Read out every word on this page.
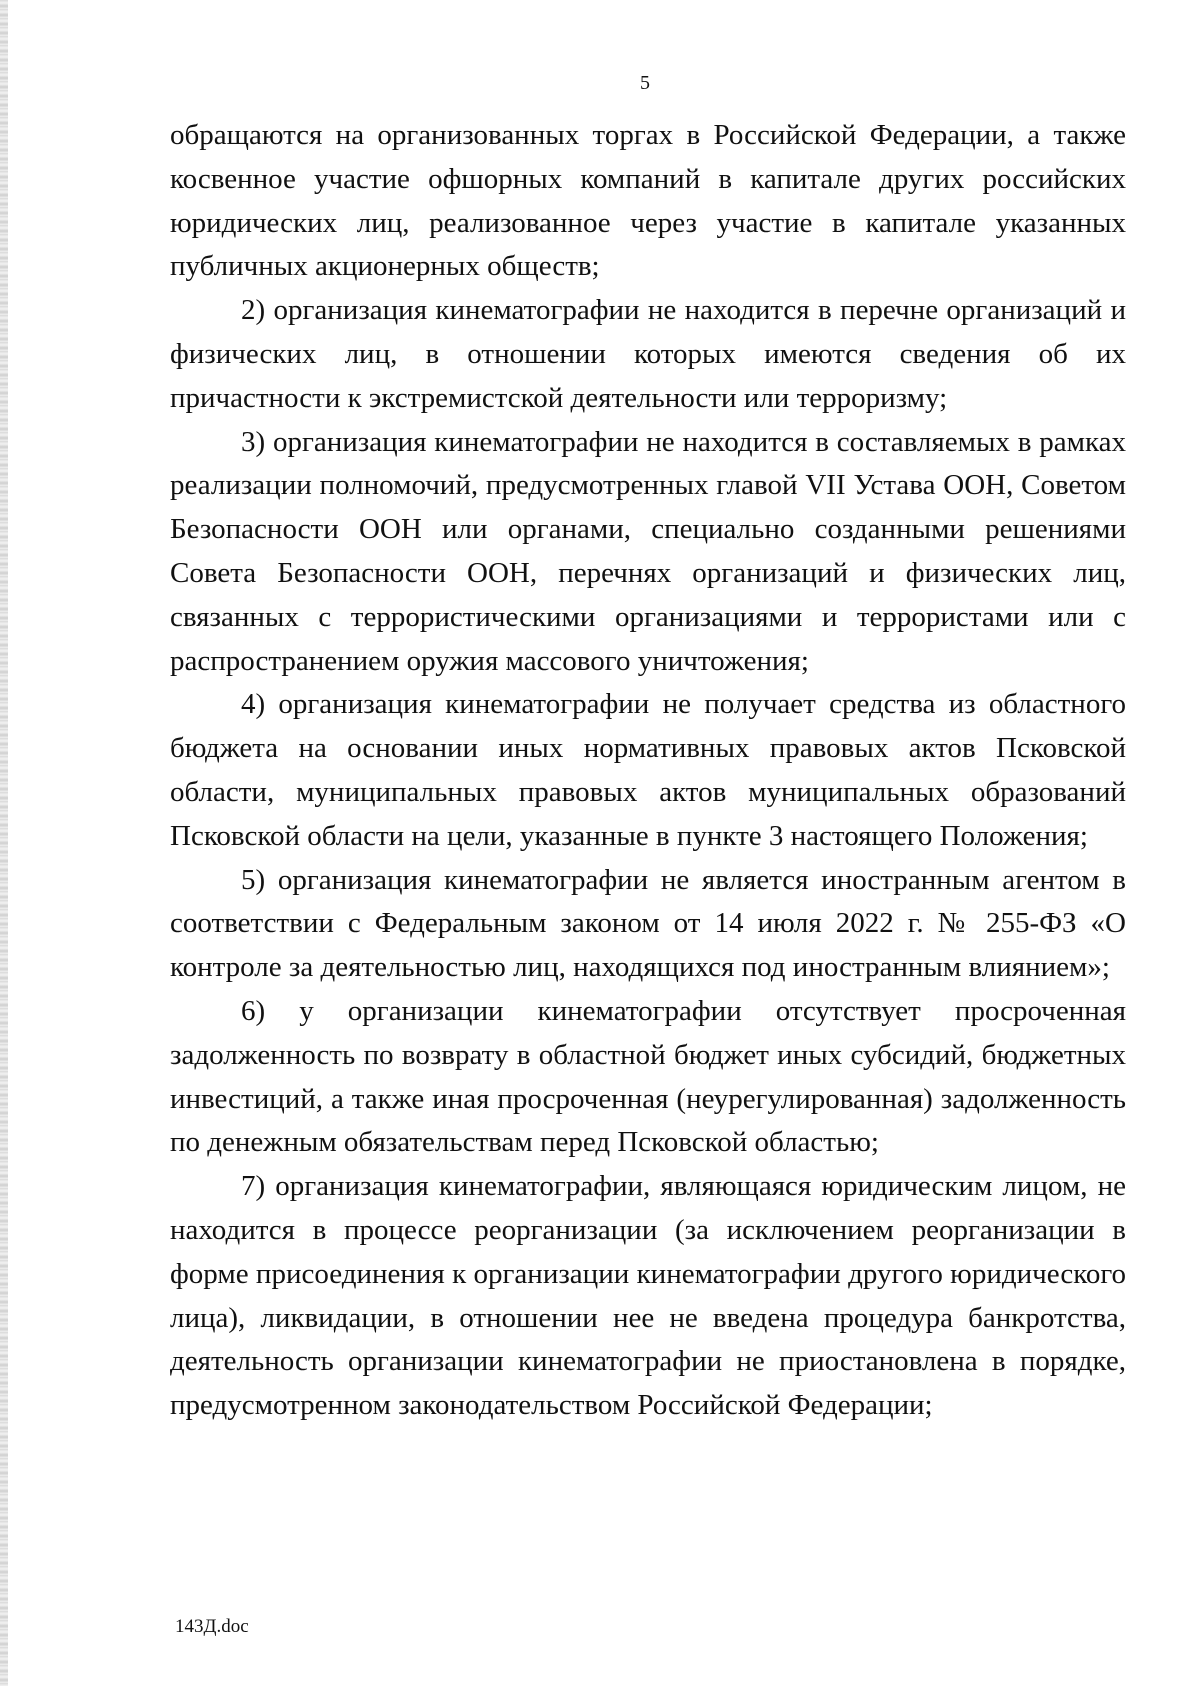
5

обращаются на организованных торгах в Российской Федерации, а также косвенное участие офшорных компаний в капитале других российских юридических лиц, реализованное через участие в капитале указанных публичных акционерных обществ;

2) организация кинематографии не находится в перечне организаций и физических лиц, в отношении которых имеются сведения об их причастности к экстремистской деятельности или терроризму;

3) организация кинематографии не находится в составляемых в рамках реализации полномочий, предусмотренных главой VII Устава ООН, Советом Безопасности ООН или органами, специально созданными решениями Совета Безопасности ООН, перечнях организаций и физических лиц, связанных с террористическими организациями и террористами или с распространением оружия массового уничтожения;

4) организация кинематографии не получает средства из областного бюджета на основании иных нормативных правовых актов Псковской области, муниципальных правовых актов муниципальных образований Псковской области на цели, указанные в пункте 3 настоящего Положения;

5) организация кинематографии не является иностранным агентом в соответствии с Федеральным законом от 14 июля 2022 г. № 255-ФЗ «О контроле за деятельностью лиц, находящихся под иностранным влиянием»;

6) у организации кинематографии отсутствует просроченная задолженность по возврату в областной бюджет иных субсидий, бюджетных инвестиций, а также иная просроченная (неурегулированная) задолженность по денежным обязательствам перед Псковской областью;

7) организация кинематографии, являющаяся юридическим лицом, не находится в процессе реорганизации (за исключением реорганизации в форме присоединения к организации кинематографии другого юридического лица), ликвидации, в отношении нее не введена процедура банкротства, деятельность организации кинематографии не приостановлена в порядке, предусмотренном законодательством Российской Федерации;

143Д.doc
